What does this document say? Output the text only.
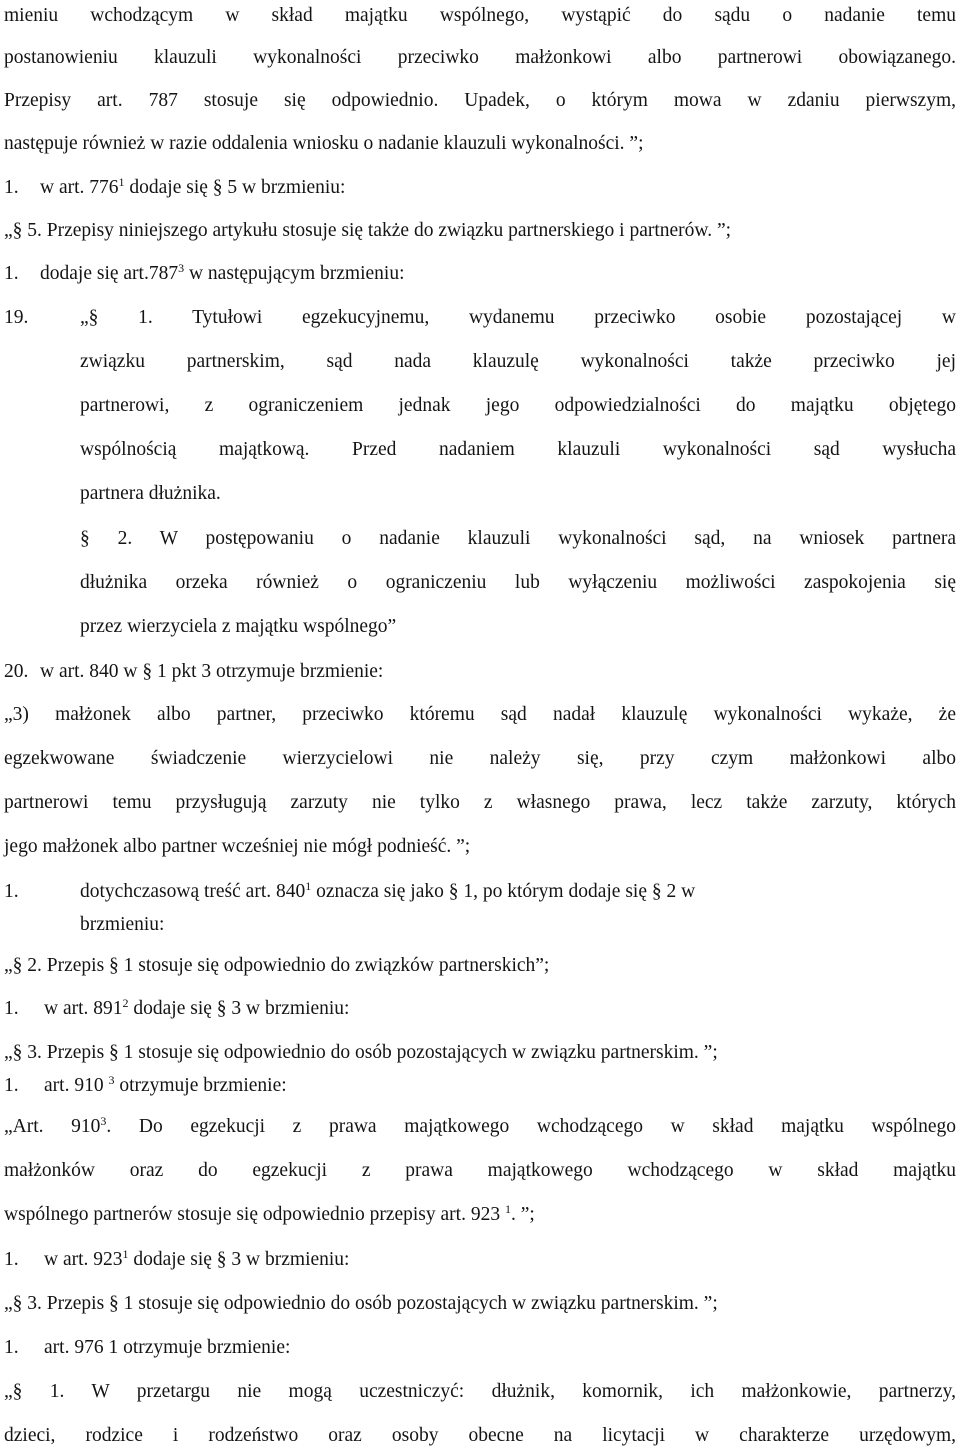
mieniu wchodzącym w skład majątku wspólnego, wystąpić do sądu o nadanie temu
postanowieniu klauzuli wykonalności przeciwko małżonkowi albo partnerowi obowiązanego.
Przepisy art. 787 stosuje się odpowiednio. Upadek, o którym mowa w zdaniu pierwszym,
następuje również w razie oddalenia wniosku o nadanie klauzuli wykonalności. ”;
1. w art. $776^1$ dodaje się § 5 w brzmieniu:
„§ 5. Przepisy niniejszego artykułu stosuje się także do związku partnerskiego i partnerów. ”;
1. dodaje się art.787$^3$ w następującym brzmieniu:
19.	„§ 1. Tytułowi egzekucyjnemu, wydanemu przeciwko osobie pozostającej w
związku partnerskim, sąd nada klauzulę wykonalności także przeciwko jej
partnerowi, z ograniczeniem jednak jego odpowiedzialności do majątku objętego
wspólnością majątkową. Przed nadaniem klauzuli wykonalności sąd wysłucha
partnera dłużnika.
§ 2. W postępowaniu o nadanie klauzuli wykonalności sąd, na wniosek partnera
dłużnika orzeka również o ograniczeniu lub wyłączeniu możliwości zaspokojenia się
przez wierzyciela z majątku wspólnego”
20. w art. 840 w § 1 pkt 3 otrzymuje brzmienie:
„3) małżonek albo partner, przeciwko któremu sąd nadał klauzulę wykonalności wykaże, że
egzekwowane świadczenie wierzycielowi nie należy się, przy czym małżonkowi albo
partnerowi temu przysługują zarzuty nie tylko z własnego prawa, lecz także zarzuty, których
jego małżonek albo partner wcześniej nie mógł podnieść. ”;
1.	dotychczasową treść art. $840^1$ oznacza się jako § 1, po którym dodaje się § 2 w
brzmieniu:
„§ 2. Przepis § 1 stosuje się odpowiednio do związków partnerskich”;
1. w art. $891^2$ dodaje się § 3 w brzmieniu:
„§ 3. Przepis § 1 stosuje się odpowiednio do osób pozostających w związku partnerskim. ”;
1. art. 910 $^3$ otrzymuje brzmienie:
„Art. $910^3$. Do egzekucji z prawa majątkowego wchodzącego w skład majątku wspólnego
małżonków oraz do egzekucji z prawa majątkowego wchodzącego w skład majątku
wspólnego partnerów stosuje się odpowiednio przepisy art. 923 $^1$. ”;
1. w art. $923^1$ dodaje się § 3 w brzmieniu:
„§ 3. Przepis § 1 stosuje się odpowiednio do osób pozostających w związku partnerskim. ”;
1. art. 976 1 otrzymuje brzmienie:
„§ 1. W przetargu nie mogą uczestniczyć: dłużnik, komornik, ich małżonkowie, partnerzy,
dzieci, rodzice i rodzeństwo oraz osoby obecne na licytacji w charakterze urzędowym,
